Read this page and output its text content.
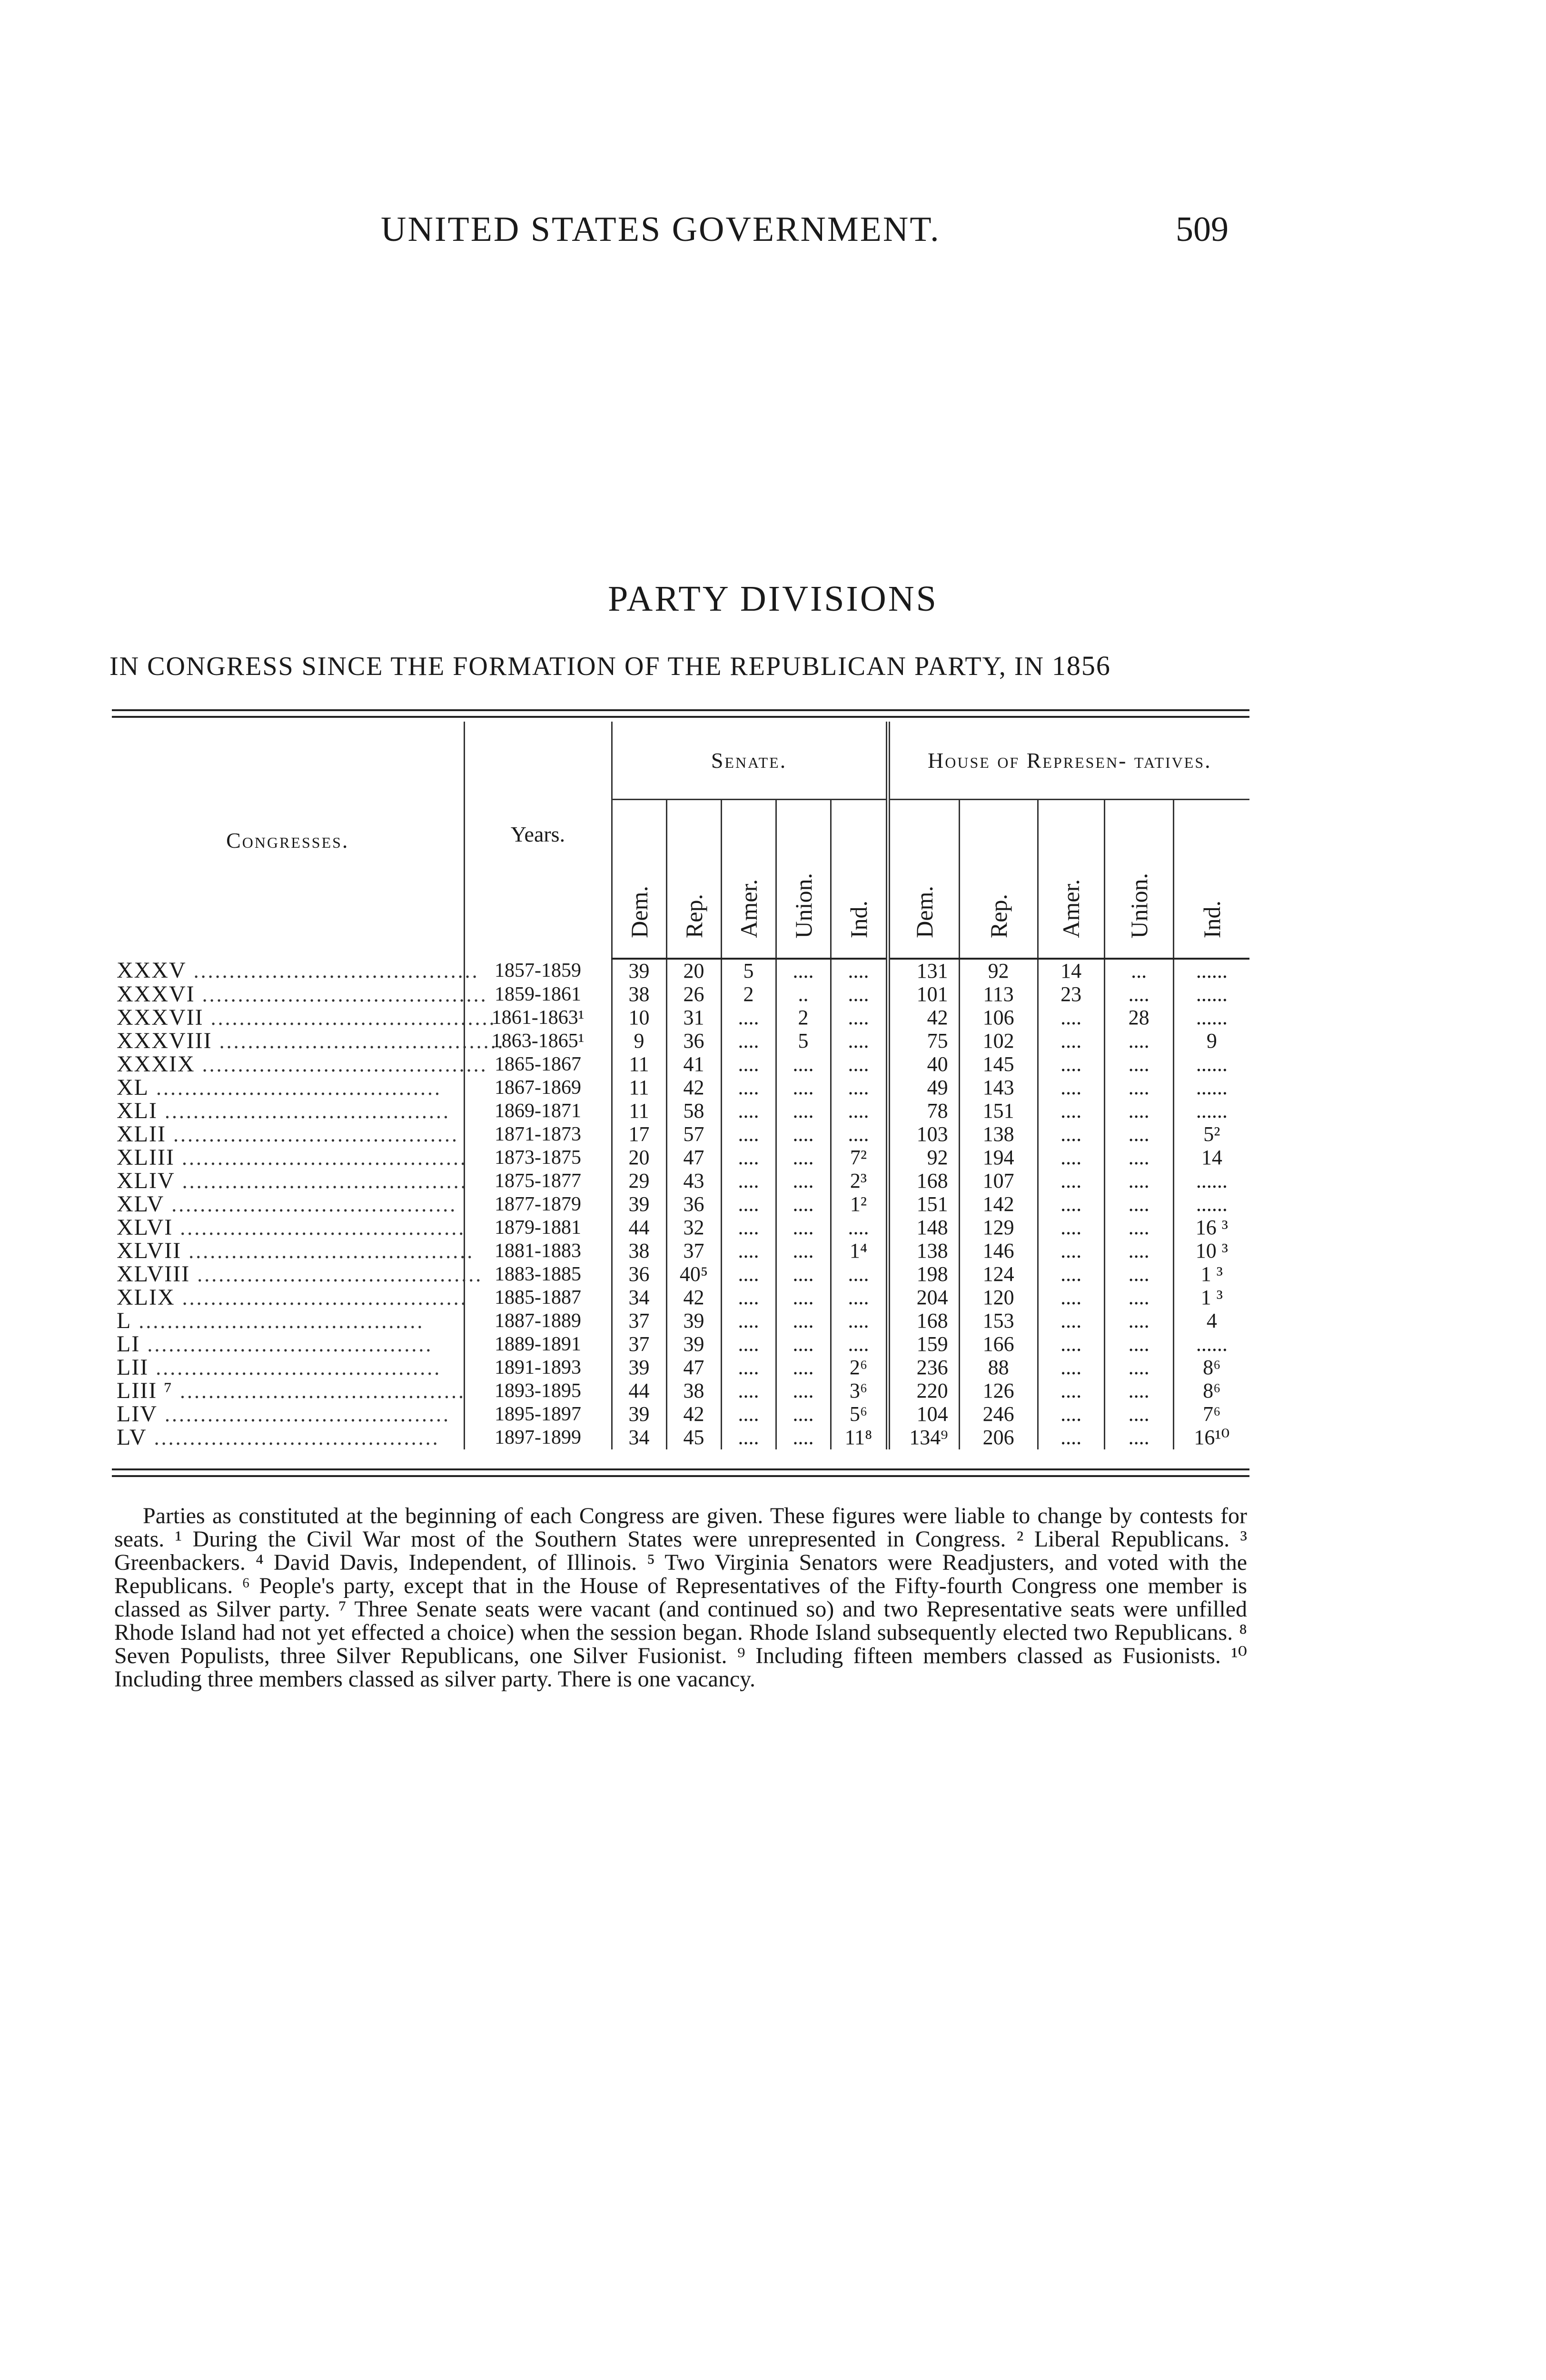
UNITED STATES GOVERNMENT.	509
PARTY DIVISIONS
IN CONGRESS SINCE THE FORMATION OF THE REPUBLICAN PARTY, IN 1856
Congresses.	Years.	Senate.					House of Represen- tatives.				
		Dem.	Rep.	Amer.	Union.	Ind.	Dem.	Rep.	Amer.	Union.	Ind.
XXXV ........................................	1857-1859	39	20	5	....	....	131	92	14	...	......
XXXVI ........................................	1859-1861	38	26	2	..	....	101	113	23	....	......
XXXVII ........................................	1861-1863¹	10	31	....	2	....	42	106	....	28	......
XXXVIII ........................................	1863-1865¹	9	36	....	5	....	75	102	....	....	9
XXXIX ........................................	1865-1867	11	41	....	....	....	40	145	....	....	......
XL ........................................	1867-1869	11	42	....	....	....	49	143	....	....	......
XLI ........................................	1869-1871	11	58	....	....	....	78	151	....	....	......
XLII ........................................	1871-1873	17	57	....	....	....	103	138	....	....	5²
XLIII ........................................	1873-1875	20	47	....	....	7²	92	194	....	....	14
XLIV ........................................	1875-1877	29	43	....	....	2³	168	107	....	....	......
XLV ........................................	1877-1879	39	36	....	....	1²	151	142	....	....	......
XLVI ........................................	1879-1881	44	32	....	....	....	148	129	....	....	16 ³
XLVII ........................................	1881-1883	38	37	....	....	1⁴	138	146	....	....	10 ³
XLVIII ........................................	1883-1885	36	40⁵	....	....	....	198	124	....	....	1 ³
XLIX ........................................	1885-1887	34	42	....	....	....	204	120	....	....	1 ³
L ........................................	1887-1889	37	39	....	....	....	168	153	....	....	4
LI ........................................	1889-1891	37	39	....	....	....	159	166	....	....	......
LII ........................................	1891-1893	39	47	....	....	2⁶	236	88	....	....	8⁶
LIII ⁷ ........................................	1893-1895	44	38	....	....	3⁶	220	126	....	....	8⁶
LIV ........................................	1895-1897	39	42	....	....	5⁶	104	246	....	....	7⁶
LV ........................................	1897-1899	34	45	....	....	11⁸	134⁹	206	....	....	16¹⁰

Parties as constituted at the beginning of each Congress are given. These figures were liable to change by contests for seats. ¹ During the Civil War most of the Southern States were unrepresented in Congress. ² Liberal Republicans. ³ Greenbackers. ⁴ David Davis, Independent, of Illinois. ⁵ Two Virginia Senators were Readjusters, and voted with the Republicans. ⁶ People's party, except that in the House of Representatives of the Fifty-fourth Congress one member is classed as Silver party. ⁷ Three Senate seats were vacant (and continued so) and two Representative seats were unfilled Rhode Island had not yet effected a choice) when the session began. Rhode Island subsequently elected two Republicans. ⁸ Seven Populists, three Silver Republicans, one Silver Fusionist. ⁹ Including fifteen members classed as Fusionists. ¹⁰ Including three members classed as silver party. There is one vacancy.
